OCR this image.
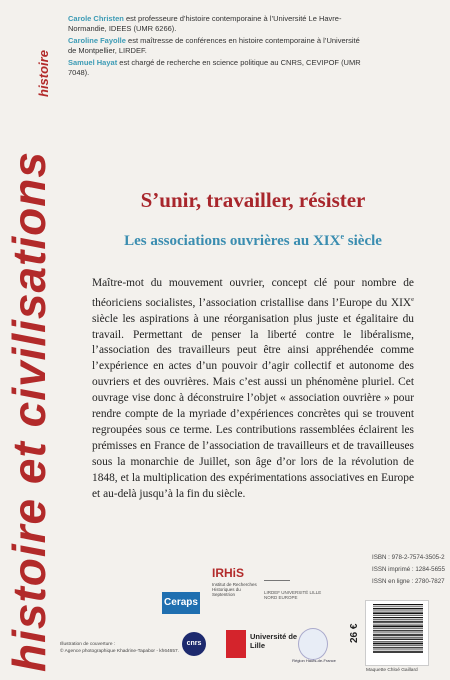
histoire et civilisations
histoire

Carole Christen est professeure d’histoire contemporaine à l’Université Le Havre-Normandie, IDEES (UMR 6266).

Caroline Fayolle est maîtresse de conférences en histoire contemporaine à l’Université de Montpellier, LIRDEF.

Samuel Hayat est chargé de recherche en science politique au CNRS, CEVIPOF (UMR 7048).

S’unir, travailler, résister
Les associations ouvrières au XIXe siècle
Maître-mot du mouvement ouvrier, concept clé pour nombre de théoriciens socialistes, l’association cristallise dans l’Europe du XIXe siècle les aspirations à une réorganisation plus juste et égalitaire du travail. Permettant de penser la liberté contre le libéralisme, l’association des travailleurs peut être ainsi appréhendée comme l’expérience en actes d’un pouvoir d’agir collectif et autonome des ouvriers et des ouvrières. Mais c’est aussi un phénomène pluriel. Cet ouvrage vise donc à déconstruire l’objet « association ouvrière » pour rendre compte de la myriade d’expériences concrètes qui se trouvent regroupées sous ce terme. Les contributions rassemblées éclairent les prémisses en France de l’association de travailleurs et de travailleuses sous la monarchie de Juillet, son âge d’or lors de la révolution de 1848, et la multiplication des expérimentations associatives en Europe et au-delà jusqu’à la fin du siècle.
Ceraps
IRHiS
Institut de Recherches Historiques du Septentrion	LIRDEF UNIVERSITÉ LILLE NORD EUROPE
cnrs
Université de Lille
Région Hauts-de-France
Illustration de couverture :
© Agence photographique Khadrine-Tapabor - kh64657.
ISBN : 978-2-7574-3505-2
ISSN imprimé : 1284-5655
ISSN en ligne : 2780-7827
26 €
Maquette Chloé Gaillard
